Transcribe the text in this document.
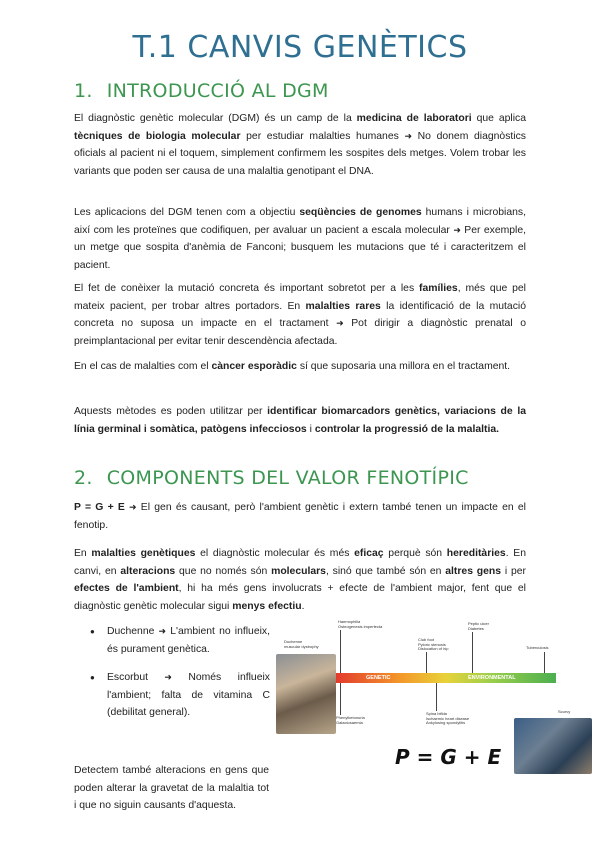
T.1 CANVIS GENÈTICS
1. INTRODUCCIÓ AL DGM
El diagnòstic genètic molecular (DGM) és un camp de la medicina de laboratori que aplica tècniques de biologia molecular per estudiar malalties humanes ➜ No donem diagnòstics oficials al pacient ni el toquem, simplement confirmem les sospites dels metges. Volem trobar les variants que poden ser causa de una malaltia genotipant el DNA.
Les aplicacions del DGM tenen com a objectiu seqüències de genomes humans i microbians, així com les proteïnes que codifiquen, per avaluar un pacient a escala molecular ➜ Per exemple, un metge que sospita d'anèmia de Fanconi; busquem les mutacions que té i caracteritzem el pacient.
El fet de conèixer la mutació concreta és important sobretot per a les famílies, més que pel mateix pacient, per trobar altres portadors. En malalties rares la identificació de la mutació concreta no suposa un impacte en el tractament ➜ Pot dirigir a diagnòstic prenatal o preimplantacional per evitar tenir descendència afectada.
En el cas de malalties com el càncer esporàdic sí que suposaria una millora en el tractament.
Aquests mètodes es poden utilitzar per identificar biomarcadors genètics, variacions de la línia germinal i somàtica, patògens infecciosos i controlar la progressió de la malaltia.
2. COMPONENTS DEL VALOR FENOTÍPIC
P = G + E ➜ El gen és causant, però l'ambient genètic i extern també tenen un impacte en el fenotip.
En malalties genètiques el diagnòstic molecular és més eficaç perquè són hereditàries. En canvi, en alteracions que no només són moleculars, sinó que també són en altres gens i per efectes de l'ambient, hi ha més gens involucrats + efecte de l'ambient major, fent que el diagnòstic genètic molecular sigui menys efectiu.
● Duchenne ➜ L'ambient no influeix, és purament genètica.
● Escorbut ➜ Només influeix l'ambient; falta de vitamina C (debilitat general).
Detectem també alteracions en gens que poden alterar la gravetat de la malaltia tot i que no siguin causants d'aquesta.
Haemophilia
Osteogenesis imperfecta
Club foot
Pyloric stenosis
Dislocation of hip
Peptic ulcer
Diabetes
Tuberculosis
Duchenne
muscular dystrophy
GENETIC	ENVIRONMENTAL
Phenylketonuria
Galactosaemia
Spina bifida
Ischaemic heart disease
Ankylosing spondylitis
Scurvy
P = G + E
